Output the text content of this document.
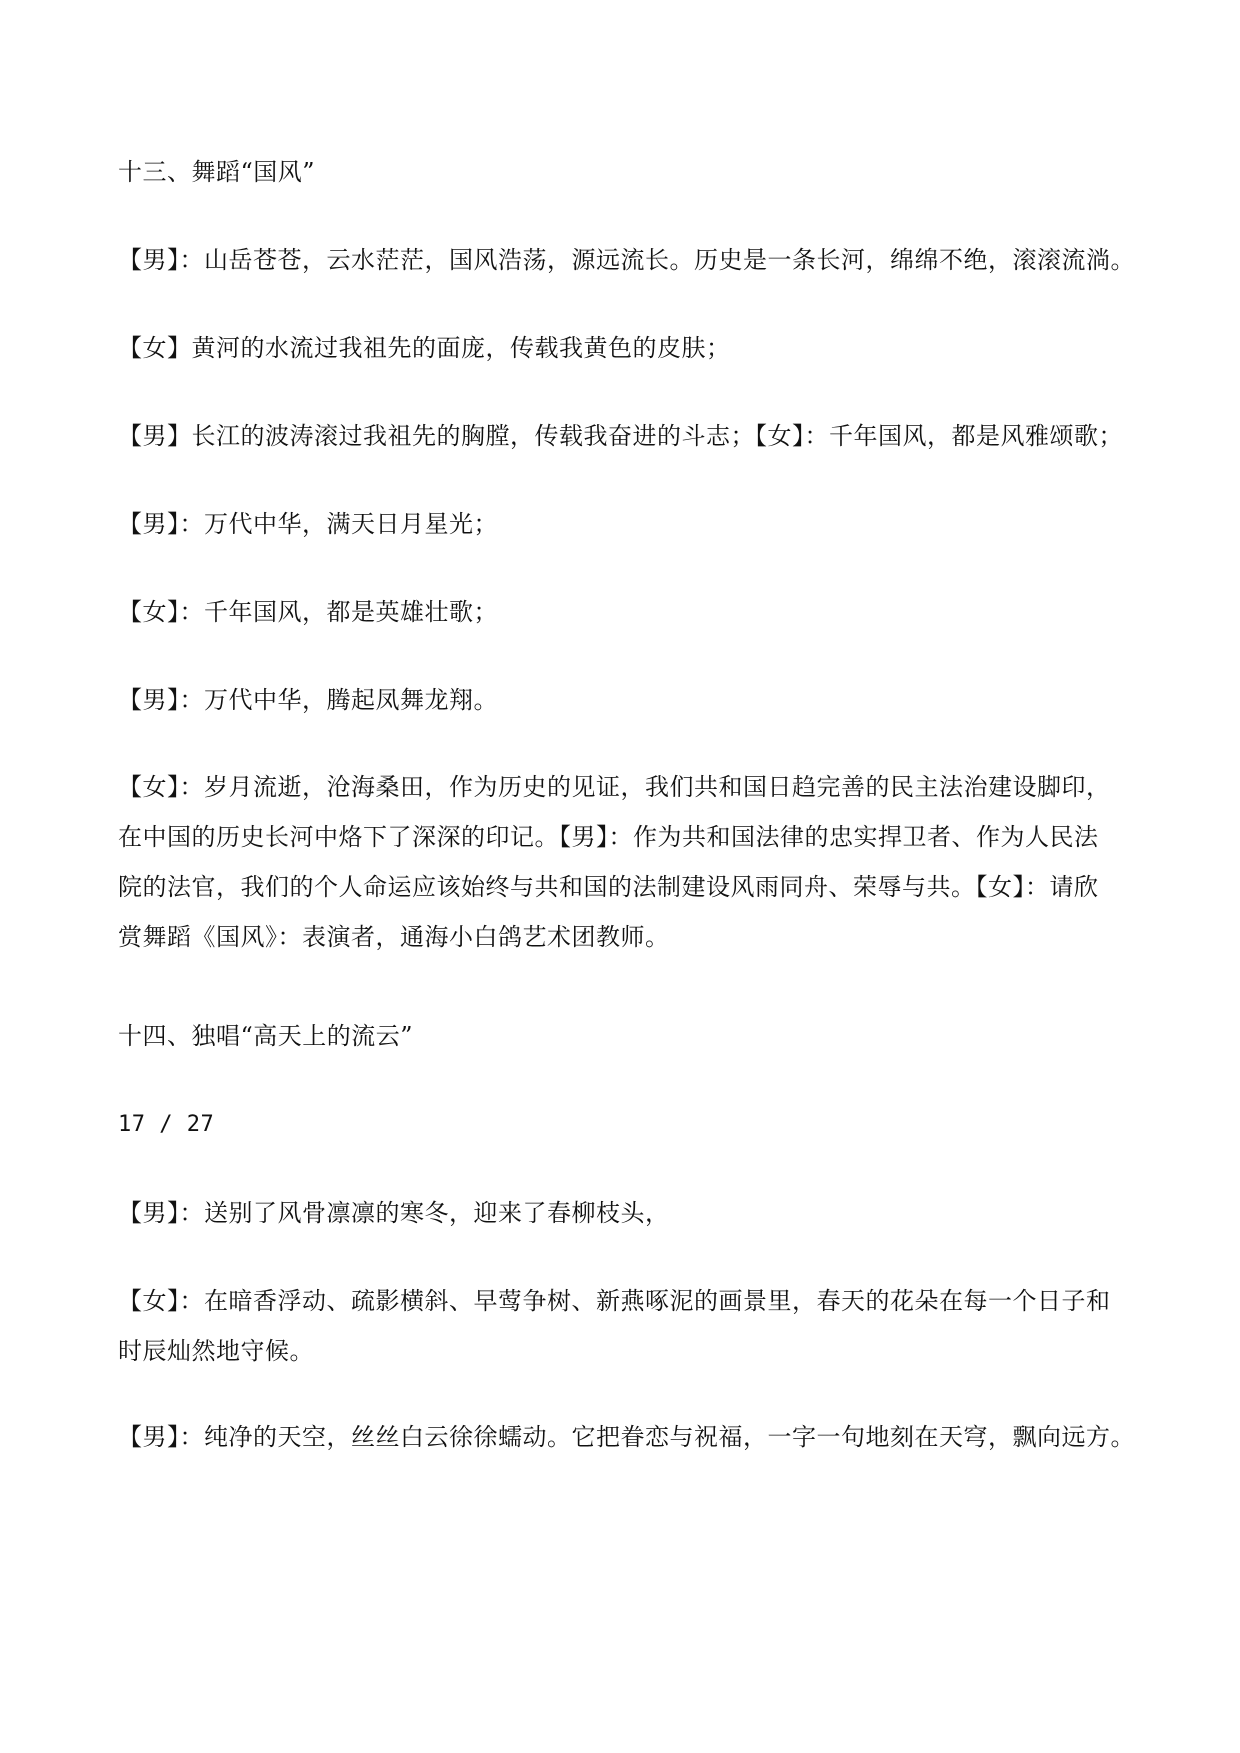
十三、舞蹈“国风”
【男】：山岳苍苍，云水茫茫，国风浩荡，源远流长。历史是一条长河，绵绵不绝，滚滚流淌。
【女】黄河的水流过我祖先的面庞，传载我黄色的皮肤；
【男】长江的波涛滚过我祖先的胸膛，传载我奋进的斗志；【女】：千年国风，都是风雅颂歌；
【男】：万代中华，满天日月星光；
【女】：千年国风，都是英雄壮歌；
【男】：万代中华，腾起凤舞龙翔。
【女】：岁月流逝，沧海桑田，作为历史的见证，我们共和国日趋完善的民主法治建设脚印，
在中国的历史长河中烙下了深深的印记。【男】：作为共和国法律的忠实捍卫者、作为人民法
院的法官，我们的个人命运应该始终与共和国的法制建设风雨同舟、荣辱与共。【女】：请欣
赏舞蹈《国风》：表演者，通海小白鸽艺术团教师。
十四、独唱“高天上的流云”
17 / 27
【男】：送别了风骨凛凛的寒冬，迎来了春柳枝头，
【女】：在暗香浮动、疏影横斜、早莺争树、新燕啄泥的画景里，春天的花朵在每一个日子和
时辰灿然地守候。
【男】：纯净的天空，丝丝白云徐徐蠕动。它把眷恋与祝福，一字一句地刻在天穹，飘向远方。
